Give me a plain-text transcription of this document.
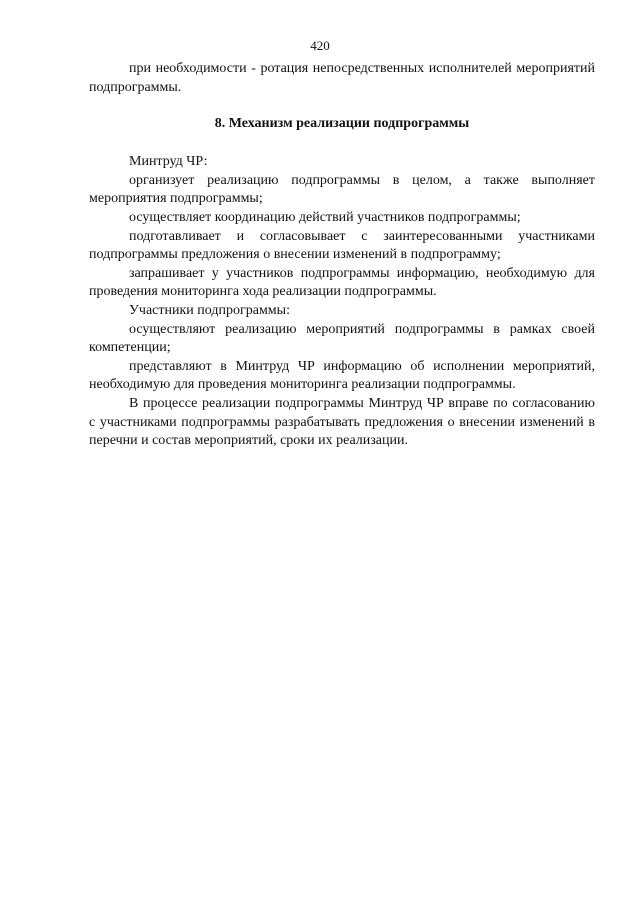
420

при необходимости - ротация непосредственных исполнителей мероприятий подпрограммы.

8. Механизм реализации подпрограммы

Минтруд ЧР:

организует реализацию подпрограммы в целом, а также выполняет мероприятия подпрограммы;

осуществляет координацию действий участников подпрограммы;

подготавливает и согласовывает с заинтересованными участниками подпрограммы предложения о внесении изменений в подпрограмму;

запрашивает у участников подпрограммы информацию, необходимую для проведения мониторинга хода реализации подпрограммы.

Участники подпрограммы:

осуществляют реализацию мероприятий подпрограммы в рамках своей компетенции;

представляют в Минтруд ЧР информацию об исполнении мероприятий, необходимую для проведения мониторинга реализации подпрограммы.

В процессе реализации подпрограммы Минтруд ЧР вправе по согласованию с участниками подпрограммы разрабатывать предложения о внесении изменений в перечни и состав мероприятий, сроки их реализации.
